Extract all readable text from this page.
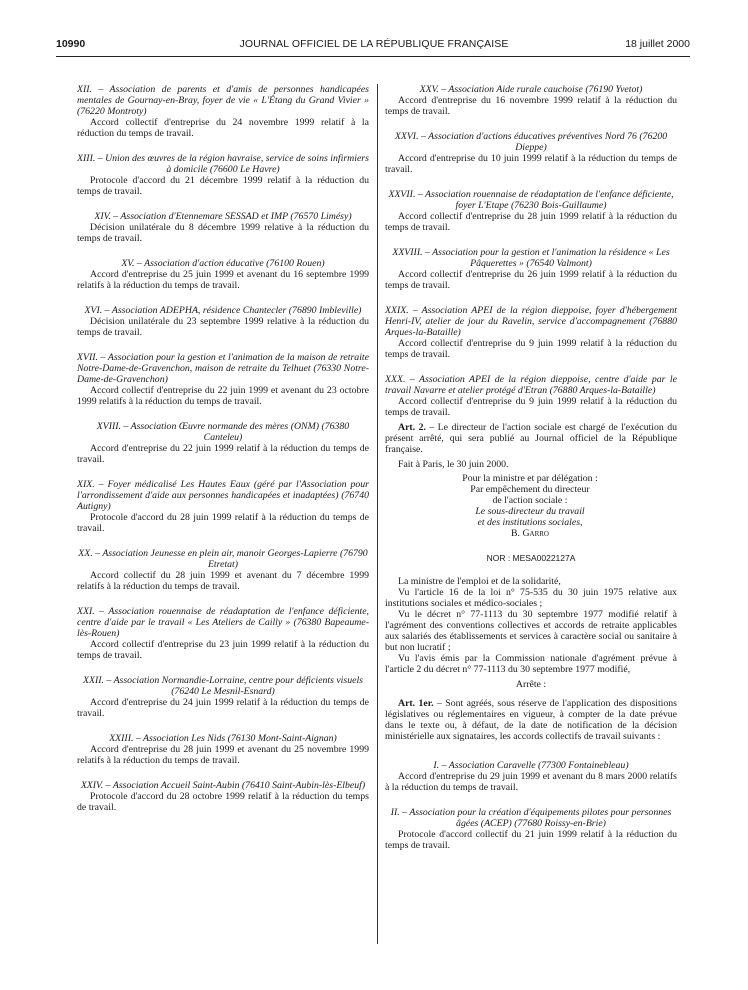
10990	JOURNAL OFFICIEL DE LA RÉPUBLIQUE FRANÇAISE	18 juillet 2000
XII. – Association de parents et d'amis de personnes handicapées mentales de Gournay-en-Bray, foyer de vie « L'Étang du Grand Vivier » (76220 Montroty)
Accord collectif d'entreprise du 24 novembre 1999 relatif à la réduction du temps de travail.
XIII. – Union des œuvres de la région havraise, service de soins infirmiers à domicile (76600 Le Havre)
Protocole d'accord du 21 décembre 1999 relatif à la réduction du temps de travail.
XIV. – Association d'Etennemare SESSAD et IMP (76570 Limésy)
Décision unilatérale du 8 décembre 1999 relative à la réduction du temps de travail.
XV. – Association d'action éducative (76100 Rouen)
Accord d'entreprise du 25 juin 1999 et avenant du 16 septembre 1999 relatifs à la réduction du temps de travail.
XVI. – Association ADEPHA, résidence Chantecler (76890 Imbleville)
Décision unilatérale du 23 septembre 1999 relative à la réduction du temps de travail.
XVII. – Association pour la gestion et l'animation de la maison de retraite Notre-Dame-de-Gravenchon, maison de retraite du Telhuet (76330 Notre-Dame-de-Gravenchon)
Accord collectif d'entreprise du 22 juin 1999 et avenant du 23 octobre 1999 relatifs à la réduction du temps de travail.
XVIII. – Association Œuvre normande des mères (ONM) (76380 Canteleu)
Accord d'entreprise du 22 juin 1999 relatif à la réduction du temps de travail.
XIX. – Foyer médicalisé Les Hautes Eaux (géré par l'Association pour l'arrondissement d'aide aux personnes handicapées et inadaptées) (76740 Autigny)
Protocole d'accord du 28 juin 1999 relatif à la réduction du temps de travail.
XX. – Association Jeunesse en plein air, manoir Georges-Lapierre (76790 Etretat)
Accord collectif du 28 juin 1999 et avenant du 7 décembre 1999 relatifs à la réduction du temps de travail.
XXI. – Association rouennaise de réadaptation de l'enfance déficiente, centre d'aide par le travail « Les Ateliers de Cailly » (76380 Bapeaume-lès-Rouen)
Accord collectif d'entreprise du 23 juin 1999 relatif à la réduction du temps de travail.
XXII. – Association Normandie-Lorraine, centre pour déficients visuels (76240 Le Mesnil-Esnard)
Accord d'entreprise du 24 juin 1999 relatif à la réduction du temps de travail.
XXIII. – Association Les Nids (76130 Mont-Saint-Aignan)
Accord d'entreprise du 28 juin 1999 et avenant du 25 novembre 1999 relatifs à la réduction du temps de travail.
XXIV. – Association Accueil Saint-Aubin (76410 Saint-Aubin-lès-Elbeuf)
Protocole d'accord du 28 octobre 1999 relatif à la réduction du temps de travail.
XXV. – Association Aide rurale cauchoise (76190 Yvetot)
Accord d'entreprise du 16 novembre 1999 relatif à la réduction du temps de travail.
XXVI. – Association d'actions éducatives préventives Nord 76 (76200 Dieppe)
Accord d'entreprise du 10 juin 1999 relatif à la réduction du temps de travail.
XXVII. – Association rouennaise de réadaptation de l'enfance déficiente, foyer L'Etape (76230 Bois-Guillaume)
Accord collectif d'entreprise du 28 juin 1999 relatif à la réduction du temps de travail.
XXVIII. – Association pour la gestion et l'animation la résidence « Les Pâquerettes » (76540 Valmont)
Accord collectif d'entreprise du 26 juin 1999 relatif à la réduction du temps de travail.
XXIX. – Association APEI de la région dieppoise, foyer d'hébergement Henri-IV, atelier de jour du Ravelin, service d'accompagnement (76880 Arques-la-Bataille)
Accord collectif d'entreprise du 9 juin 1999 relatif à la réduction du temps de travail.
XXX. – Association APEI de la région dieppoise, centre d'aide par le travail Navarre et atelier protégé d'Etran (76880 Arques-la-Bataille)
Accord collectif d'entreprise du 9 juin 1999 relatif à la réduction du temps de travail.
Art. 2. – Le directeur de l'action sociale est chargé de l'exécution du présent arrêté, qui sera publié au Journal officiel de la République française.
Fait à Paris, le 30 juin 2000.
Pour la ministre et par délégation :
Par empêchement du directeur
de l'action sociale :
Le sous-directeur du travail
et des institutions sociales,
B. Garro
NOR : MESA0022127A
La ministre de l'emploi et de la solidarité,
Vu l'article 16 de la loi n° 75-535 du 30 juin 1975 relative aux institutions sociales et médico-sociales ;
Vu le décret n° 77-1113 du 30 septembre 1977 modifié relatif à l'agrément des conventions collectives et accords de retraite applicables aux salariés des établissements et services à caractère social ou sanitaire à but non lucratif ;
Vu l'avis émis par la Commission nationale d'agrément prévue à l'article 2 du décret n° 77-1113 du 30 septembre 1977 modifié,
Arrête :
Art. 1er. – Sont agréés, sous réserve de l'application des dispositions législatives ou réglementaires en vigueur, à compter de la date prévue dans le texte ou, à défaut, de la date de notification de la décision ministérielle aux signataires, les accords collectifs de travail suivants :
I. – Association Caravelle (77300 Fontainebleau)
Accord d'entreprise du 29 juin 1999 et avenant du 8 mars 2000 relatifs à la réduction du temps de travail.
II. – Association pour la création d'équipements pilotes pour personnes âgées (ACEP) (77680 Roissy-en-Brie)
Protocole d'accord collectif du 21 juin 1999 relatif à la réduction du temps de travail.
